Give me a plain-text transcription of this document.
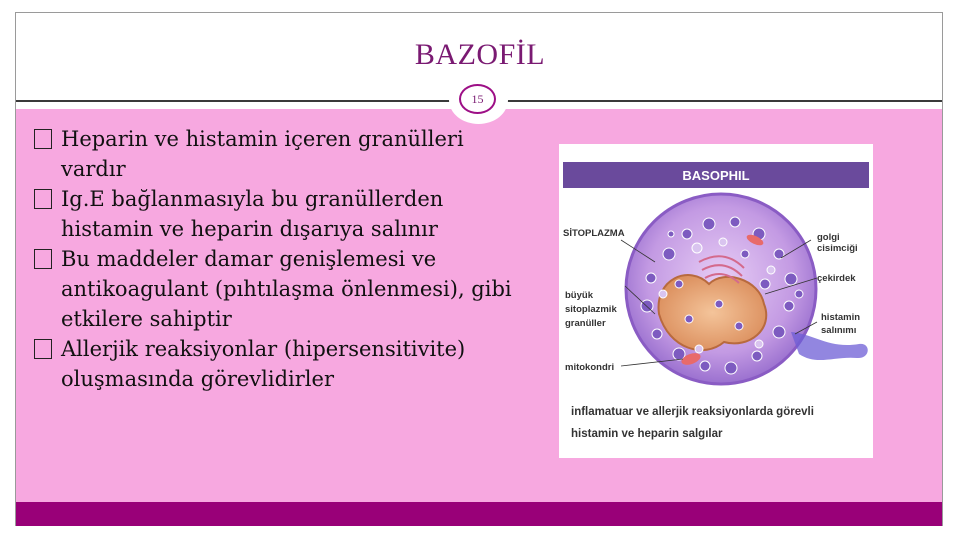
BAZOFİL
15
Heparin ve histamin içeren granülleri vardır
Ig.E bağlanmasıyla bu granüllerden histamin ve heparin dışarıya salınır
Bu maddeler damar genişlemesi ve antikoagulant (pıhtılaşma önlenmesi), gibi etkilere sahiptir
Allerjik reaksiyonlar (hipersensitivite) oluşmasında görevlidirler
BASOPHIL
SİTOPLAZMA	golgi
cisimciği
çekirdek
büyük
sitoplazmik
granüller
histamin
salınımı
mitokondri
inflamatuar ve allerjik reaksiyonlarda görevli
histamin ve heparin salgılar
